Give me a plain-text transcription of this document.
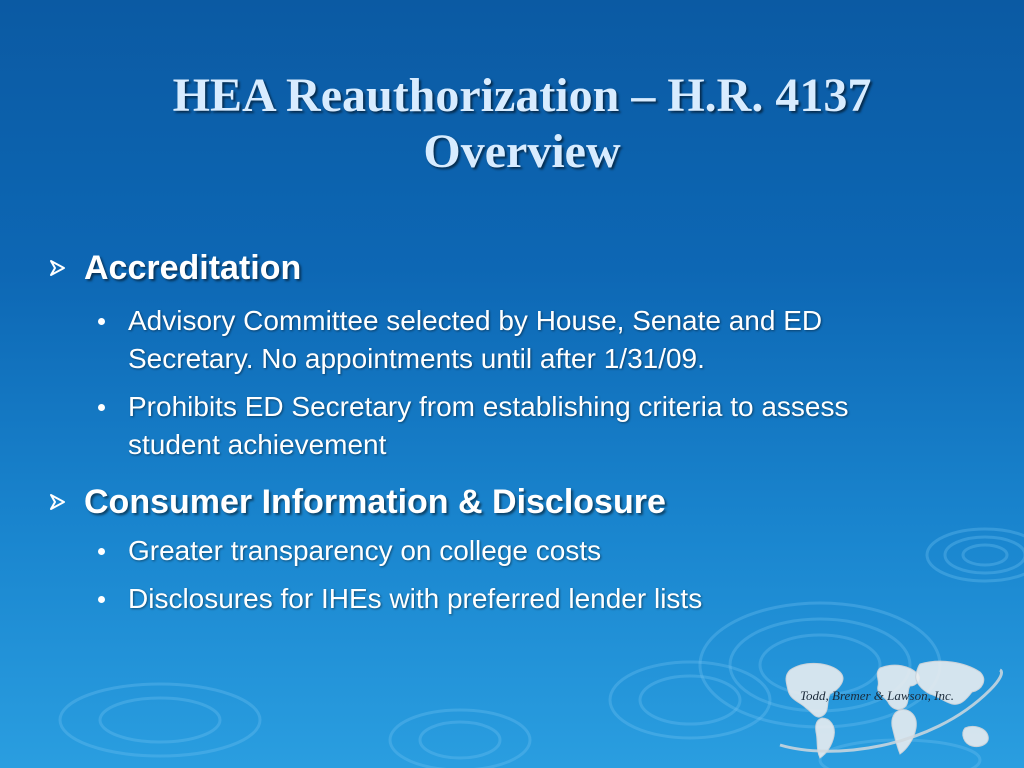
HEA Reauthorization – H.R. 4137
Overview
Accreditation
Advisory Committee selected by House, Senate and ED Secretary. No appointments until after 1/31/09.
Prohibits ED Secretary from establishing criteria to assess student achievement
Consumer Information & Disclosure
Greater transparency on college costs
Disclosures for IHEs with preferred lender lists
Todd, Bremer & Lawson, Inc.
